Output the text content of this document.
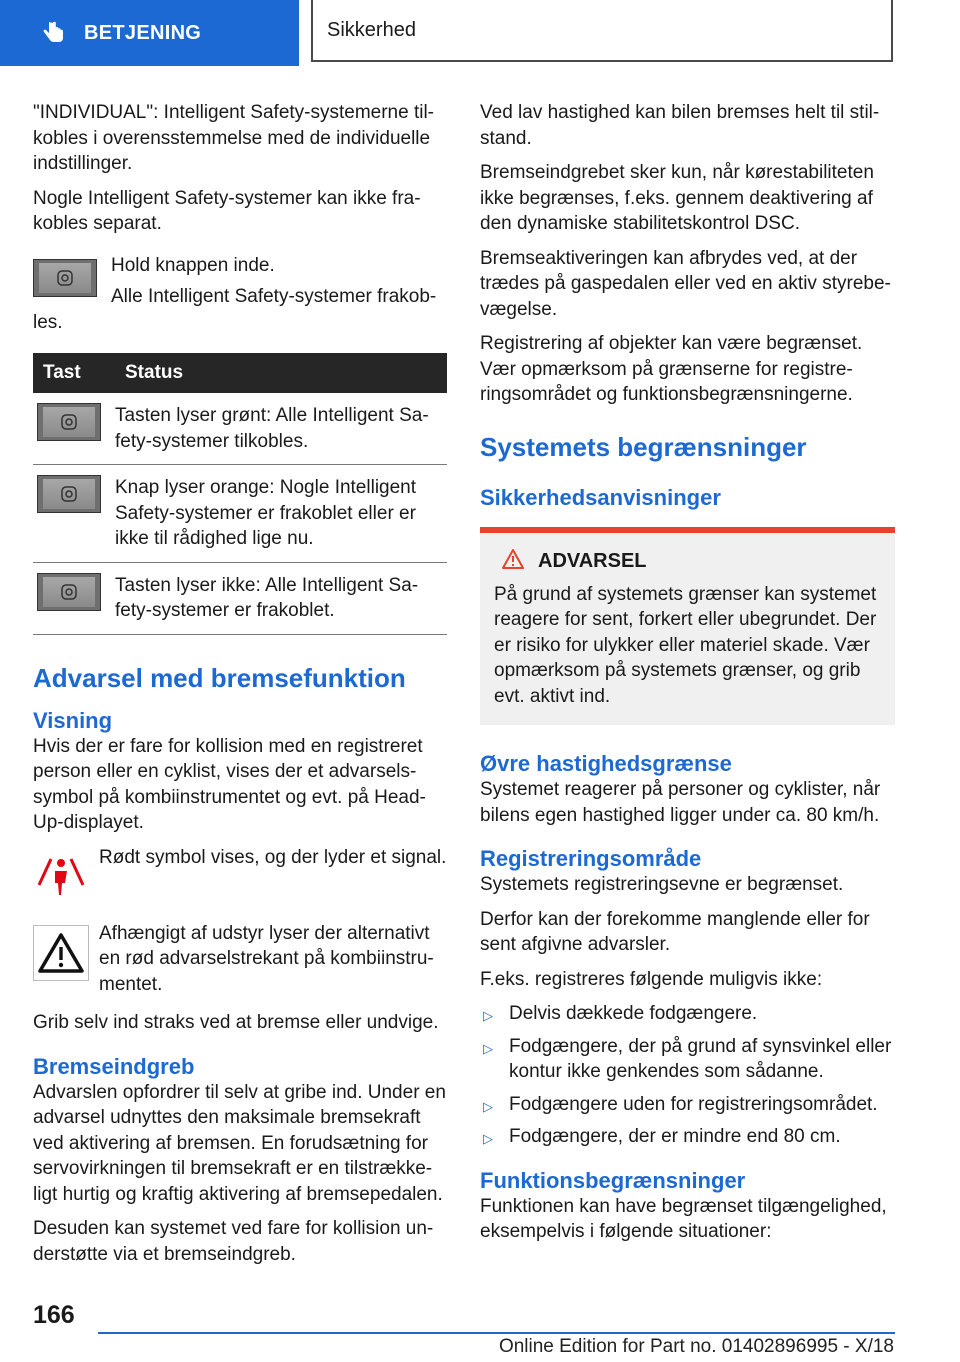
BETJENING	Sikkerhed

"INDIVIDUAL": Intelligent Safety-systemerne til-kobles i overensstemmelse med de individuelle indstillinger.

Nogle Intelligent Safety-systemer kan ikke fra-kobles separat.

Hold knappen inde.

Alle Intelligent Safety-systemer frakob-les.

Tast	Status

	Tasten lyser grønt: Alle Intelligent Sa-fety-systemer tilkobles.

	Knap lyser orange: Nogle Intelligent Safety-systemer er frakoblet eller er ikke til rådighed lige nu.

	Tasten lyser ikke: Alle Intelligent Sa-fety-systemer er frakoblet.
Advarsel med bremsefunktion
Visning

Hvis der er fare for kollision med en registreret person eller en cyklist, vises der et advarsels-symbol på kombiinstrumentet og evt. på Head-Up-displayet.

Rødt symbol vises, og der lyder et signal.

Afhængigt af udstyr lyser der alternativt en rød advarselstrekant på kombiinstru-mentet.

Grib selv ind straks ved at bremse eller undvige.

Bremseindgreb

Advarslen opfordrer til selv at gribe ind. Under en advarsel udnyttes den maksimale bremsekraft ved aktivering af bremsen. En forudsætning for servovirkningen til bremsekraft er en tilstrække-ligt hurtig og kraftig aktivering af bremsepedalen.

Desuden kan systemet ved fare for kollision un-derstøtte via et bremseindgreb.

Ved lav hastighed kan bilen bremses helt til stil-stand.

Bremseindgrebet sker kun, når kørestabiliteten ikke begrænses, f.eks. gennem deaktivering af den dynamiske stabilitetskontrol DSC.

Bremseaktiveringen kan afbrydes ved, at der trædes på gaspedalen eller ved en aktiv styrebe-vægelse.

Registrering af objekter kan være begrænset. Vær opmærksom på grænserne for registre-ringsområdet og funktionsbegrænsningerne.

Systemets begrænsninger
Sikkerhedsanvisninger
ADVARSEL

På grund af systemets grænser kan systemet reagere for sent, forkert eller ubegrundet. Der er risiko for ulykker eller materiel skade. Vær opmærksom på systemets grænser, og grib evt. aktivt ind.

Øvre hastighedsgrænse

Systemet reagerer på personer og cyklister, når bilens egen hastighed ligger under ca. 80 km/h.

Registreringsområde

Systemets registreringsevne er begrænset.

Derfor kan der forekomme manglende eller for sent afgivne advarsler.

F.eks. registreres følgende muligvis ikke:

▷ Delvis dækkede fodgængere.
▷ Fodgængere, der på grund af synsvinkel eller kontur ikke genkendes som sådanne.
▷ Fodgængere uden for registreringsområdet.
▷ Fodgængere, der er mindre end 80 cm.
Funktionsbegrænsninger

Funktionen kan have begrænset tilgængelighed, eksempelvis i følgende situationer:

166
Online Edition for Part no. 01402896995 - X/18
